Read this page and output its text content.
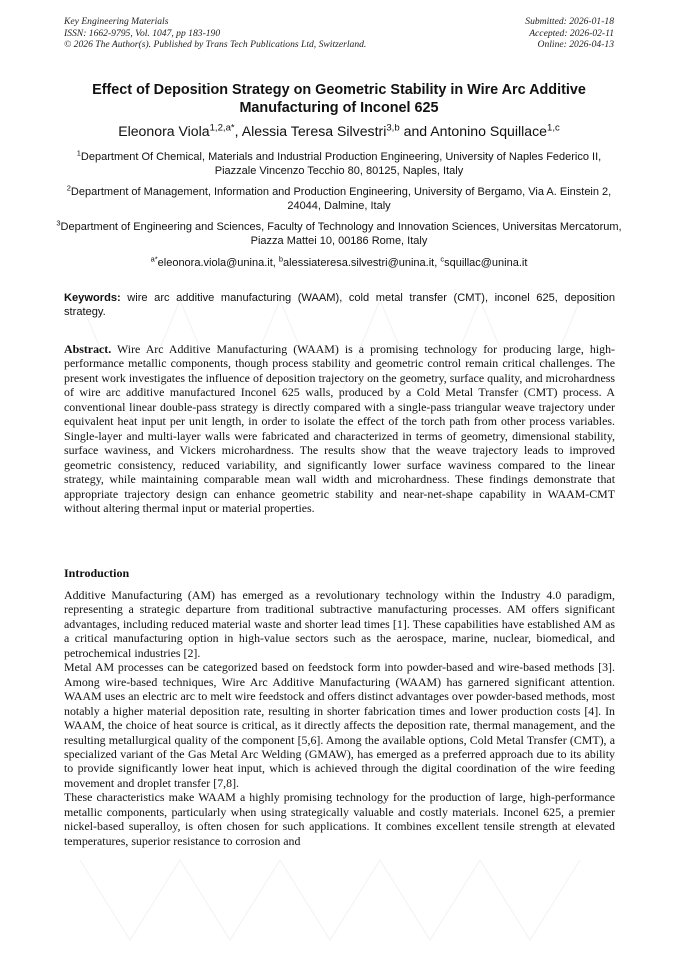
Key Engineering Materials
ISSN: 1662-9795, Vol. 1047, pp 183-190
© 2026 The Author(s). Published by Trans Tech Publications Ltd, Switzerland.
Submitted: 2026-01-18
Accepted: 2026-02-11
Online: 2026-04-13
Effect of Deposition Strategy on Geometric Stability in Wire Arc Additive Manufacturing of Inconel 625
Eleonora Viola$^{1,2,a*}$, Alessia Teresa Silvestri$^{3,b}$ and Antonino Squillace$^{1,c}$
$^1$Department Of Chemical, Materials and Industrial Production Engineering, University of Naples Federico II, Piazzale Vincenzo Tecchio 80, 80125, Naples, Italy
$^2$Department of Management, Information and Production Engineering, University of Bergamo, Via A. Einstein 2, 24044, Dalmine, Italy
$^3$Department of Engineering and Sciences, Faculty of Technology and Innovation Sciences, Universitas Mercatorum, Piazza Mattei 10, 00186 Rome, Italy
$^{a*}$eleonora.viola@unina.it, $^b$alessiateresa.silvestri@unina.it, $^c$squillac@unina.it
Keywords: wire arc additive manufacturing (WAAM), cold metal transfer (CMT), inconel 625, deposition strategy.
Abstract. Wire Arc Additive Manufacturing (WAAM) is a promising technology for producing large, high-performance metallic components, though process stability and geometric control remain critical challenges. The present work investigates the influence of deposition trajectory on the geometry, surface quality, and microhardness of wire arc additive manufactured Inconel 625 walls, produced by a Cold Metal Transfer (CMT) process. A conventional linear double-pass strategy is directly compared with a single-pass triangular weave trajectory under equivalent heat input per unit length, in order to isolate the effect of the torch path from other process variables. Single-layer and multi-layer walls were fabricated and characterized in terms of geometry, dimensional stability, surface waviness, and Vickers microhardness. The results show that the weave trajectory leads to improved geometric consistency, reduced variability, and significantly lower surface waviness compared to the linear strategy, while maintaining comparable mean wall width and microhardness. These findings demonstrate that appropriate trajectory design can enhance geometric stability and near-net-shape capability in WAAM-CMT without altering thermal input or material properties.
Introduction

Additive Manufacturing (AM) has emerged as a revolutionary technology within the Industry 4.0 paradigm, representing a strategic departure from traditional subtractive manufacturing processes. AM offers significant advantages, including reduced material waste and shorter lead times [1]. These capabilities have established AM as a critical manufacturing option in high-value sectors such as the aerospace, marine, nuclear, biomedical, and petrochemical industries [2].

Metal AM processes can be categorized based on feedstock form into powder-based and wire-based methods [3]. Among wire-based techniques, Wire Arc Additive Manufacturing (WAAM) has garnered significant attention. WAAM uses an electric arc to melt wire feedstock and offers distinct advantages over powder-based methods, most notably a higher material deposition rate, resulting in shorter fabrication times and lower production costs [4]. In WAAM, the choice of heat source is critical, as it directly affects the deposition rate, thermal management, and the resulting metallurgical quality of the component [5,6]. Among the available options, Cold Metal Transfer (CMT), a specialized variant of the Gas Metal Arc Welding (GMAW), has emerged as a preferred approach due to its ability to provide significantly lower heat input, which is achieved through the digital coordination of the wire feeding movement and droplet transfer [7,8].

These characteristics make WAAM a highly promising technology for the production of large, high-performance metallic components, particularly when using strategically valuable and costly materials. Inconel 625, a premier nickel-based superalloy, is often chosen for such applications. It combines excellent tensile strength at elevated temperatures, superior resistance to corrosion and
